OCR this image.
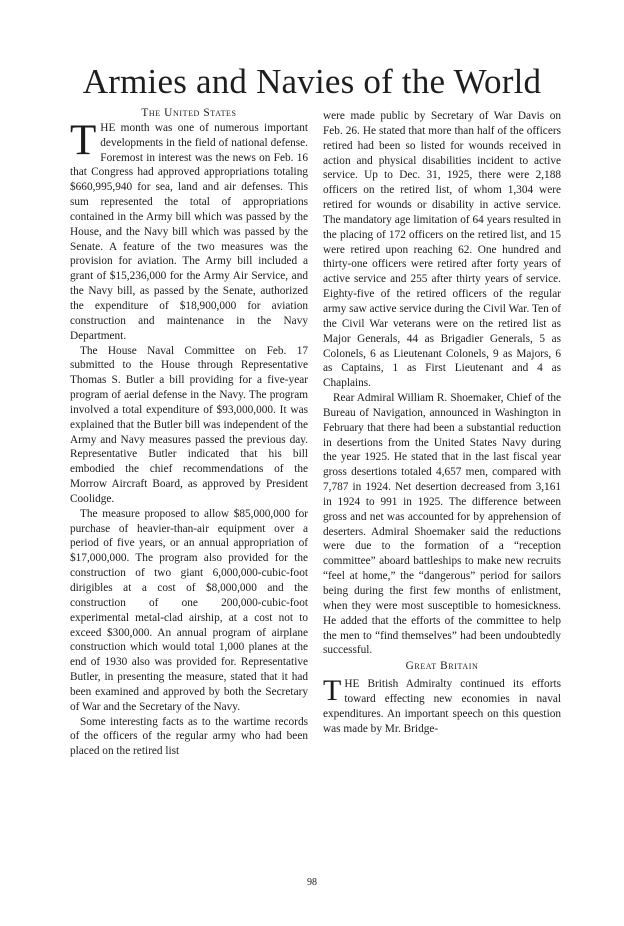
Armies and Navies of the World

The United States

THE month was one of numerous important developments in the field of national defense. Foremost in interest was the news on Feb. 16 that Congress had approved appropriations totaling $660,995,940 for sea, land and air defenses. This sum represented the total of appropriations contained in the Army bill which was passed by the House, and the Navy bill which was passed by the Senate. A feature of the two measures was the provision for aviation. The Army bill included a grant of $15,236,000 for the Army Air Service, and the Navy bill, as passed by the Senate, authorized the expenditure of $18,900,000 for aviation construction and maintenance in the Navy Department.

The House Naval Committee on Feb. 17 submitted to the House through Representative Thomas S. Butler a bill providing for a five-year program of aerial defense in the Navy. The program involved a total expenditure of $93,000,000. It was explained that the Butler bill was independent of the Army and Navy measures passed the previous day. Representative Butler indicated that his bill embodied the chief recommendations of the Morrow Aircraft Board, as approved by President Coolidge.

The measure proposed to allow $85,000,000 for purchase of heavier-than-air equipment over a period of five years, or an annual appropriation of $17,000,000. The program also provided for the construction of two giant 6,000,000-cubic-foot dirigibles at a cost of $8,000,000 and the construction of one 200,000-cubic-foot experimental metal-clad airship, at a cost not to exceed $300,000. An annual program of airplane construction which would total 1,000 planes at the end of 1930 also was provided for. Representative Butler, in presenting the measure, stated that it had been examined and approved by both the Secretary of War and the Secretary of the Navy.

Some interesting facts as to the wartime records of the officers of the regular army who had been placed on the retired list

were made public by Secretary of War Davis on Feb. 26. He stated that more than half of the officers retired had been so listed for wounds received in action and physical disabilities incident to active service. Up to Dec. 31, 1925, there were 2,188 officers on the retired list, of whom 1,304 were retired for wounds or disability in active service. The mandatory age limitation of 64 years resulted in the placing of 172 officers on the retired list, and 15 were retired upon reaching 62. One hundred and thirty-one officers were retired after forty years of active service and 255 after thirty years of service. Eighty-five of the retired officers of the regular army saw active service during the Civil War. Ten of the Civil War veterans were on the retired list as Major Generals, 44 as Brigadier Generals, 5 as Colonels, 6 as Lieutenant Colonels, 9 as Majors, 6 as Captains, 1 as First Lieutenant and 4 as Chaplains.

Rear Admiral William R. Shoemaker, Chief of the Bureau of Navigation, announced in Washington in February that there had been a substantial reduction in desertions from the United States Navy during the year 1925. He stated that in the last fiscal year gross desertions totaled 4,657 men, compared with 7,787 in 1924. Net desertion decreased from 3,161 in 1924 to 991 in 1925. The difference between gross and net was accounted for by apprehension of deserters. Admiral Shoemaker said the reductions were due to the formation of a “reception committee” aboard battleships to make new recruits “feel at home,” the “dangerous” period for sailors being during the first few months of enlistment, when they were most susceptible to homesickness. He added that the efforts of the committee to help the men to “find themselves” had been undoubtedly successful.

Great Britain

THE British Admiralty continued its efforts toward effecting new economies in naval expenditures. An important speech on this question was made by Mr. Bridge-

98
